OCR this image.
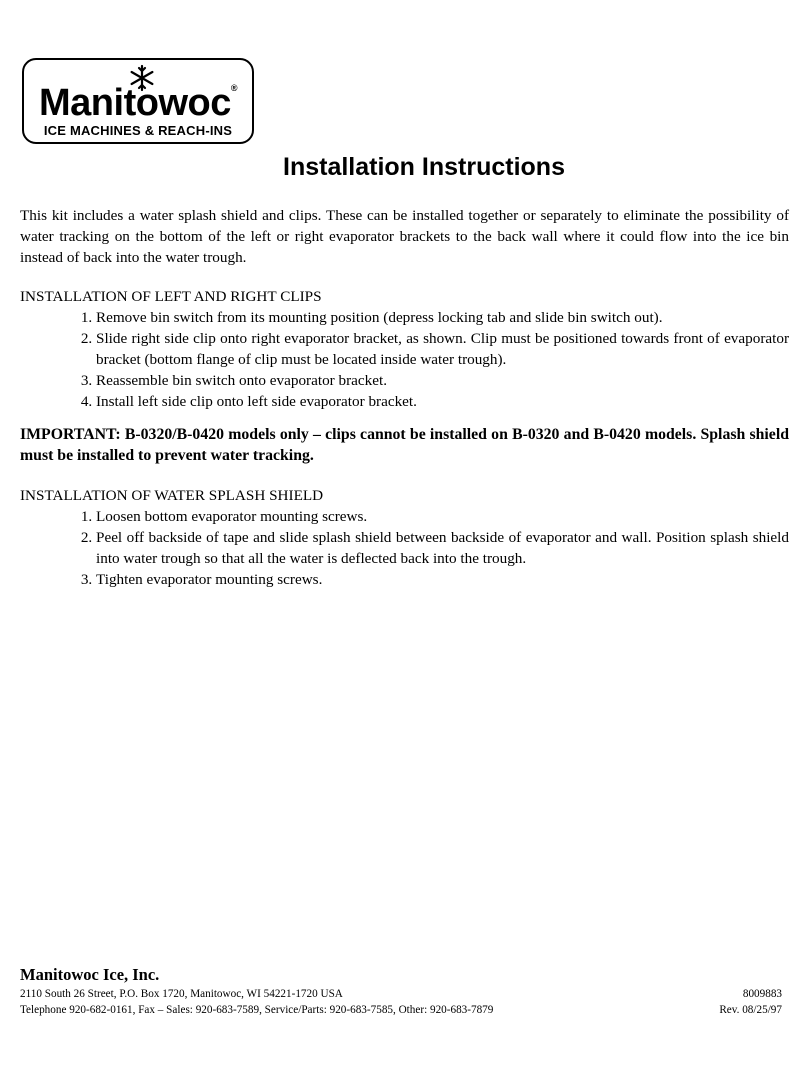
Manitowoc®
ICE MACHINES & REACH-INS
Installation Instructions
This kit includes a water splash shield and clips. These can be installed together or separately to eliminate the possibility of water tracking on the bottom of the left or right evaporator brackets to the back wall where it could flow into the ice bin instead of back into the water trough.
INSTALLATION OF LEFT AND RIGHT CLIPS
1. Remove bin switch from its mounting position (depress locking tab and slide bin switch out).
2. Slide right side clip onto right evaporator bracket, as shown. Clip must be positioned towards front of evaporator bracket (bottom flange of clip must be located inside water trough).
3. Reassemble bin switch onto evaporator bracket.
4. Install left side clip onto left side evaporator bracket.
IMPORTANT: B-0320/B-0420 models only – clips cannot be installed on B-0320 and B-0420 models. Splash shield must be installed to prevent water tracking.
INSTALLATION OF WATER SPLASH SHIELD
1. Loosen bottom evaporator mounting screws.
2. Peel off backside of tape and slide splash shield between backside of evaporator and wall. Position splash shield into water trough so that all the water is deflected back into the trough.
3. Tighten evaporator mounting screws.
Manitowoc Ice, Inc.
2110 South 26 Street, P.O. Box 1720, Manitowoc, WI 54221-1720 USA	8009883
Telephone 920-682-0161, Fax – Sales: 920-683-7589, Service/Parts: 920-683-7585, Other: 920-683-7879	Rev. 08/25/97
